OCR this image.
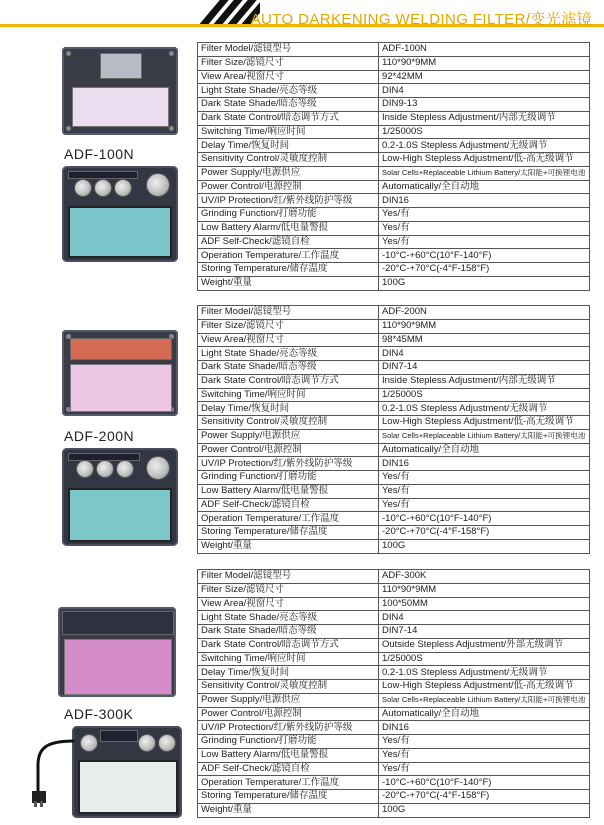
AUTO DARKENING WELDING FILTER/变光滤镜
ADF-100N
Filter Model/滤镜型号	ADF-100N
Filter Size/滤镜尺寸	110*90*9MM
View Area/视窗尺寸	92*42MM
Light State Shade/亮态等级	DIN4
Dark State Shade/暗态等级	DIN9-13
Dark State Control/暗态调节方式	Inside Stepless Adjustment/内部无级调节
Switching Time/响应时间	1/25000S
Delay Time/恢复时间	0.2-1.0S Stepless Adjustment/无级调节
Sensitivity Control/灵敏度控制	Low-High Stepless Adjustment/低-高无级调节
Power Supply/电源供应	Solar Cells+Replaceable Lithium Battery/太阳能+可换锂电池
Power Control/电源控制	Automatically/全自动地
UV/IP Protection/红/紫外线防护等级	DIN16
Grinding Function/打磨功能	Yes/有
Low Battery Alarm/低电量警报	Yes/有
ADF Self-Check/滤镜自检	Yes/有
Operation Temperature/工作温度	-10°C-+60°C(10°F-140°F)
Storing Temperature/储存温度	-20°C-+70°C(-4°F-158°F)
Weight/重量	100G
ADF-200N
Filter Model/滤镜型号	ADF-200N
Filter Size/滤镜尺寸	110*90*9MM
View Area/视窗尺寸	98*45MM
Light State Shade/亮态等级	DIN4
Dark State Shade/暗态等级	DIN7-14
Dark State Control/暗态调节方式	Inside Stepless Adjustment/内部无级调节
Switching Time/响应时间	1/25000S
Delay Time/恢复时间	0.2-1.0S Stepless Adjustment/无级调节
Sensitivity Control/灵敏度控制	Low-High Stepless Adjustment/低-高无级调节
Power Supply/电源供应	Solar Cells+Replaceable Lithium Battery/太阳能+可换锂电池
Power Control/电源控制	Automatically/全自动地
UV/IP Protection/红/紫外线防护等级	DIN16
Grinding Function/打磨功能	Yes/有
Low Battery Alarm/低电量警报	Yes/有
ADF Self-Check/滤镜自检	Yes/有
Operation Temperature/工作温度	-10°C-+60°C(10°F-140°F)
Storing Temperature/储存温度	-20°C-+70°C(-4°F-158°F)
Weight/重量	100G
ADF-300K
Filter Model/滤镜型号	ADF-300K
Filter Size/滤镜尺寸	110*90*9MM
View Area/视窗尺寸	100*50MM
Light State Shade/亮态等级	DIN4
Dark State Shade/暗态等级	DIN7-14
Dark State Control/暗态调节方式	Outside Stepless Adjustment/外部无级调节
Switching Time/响应时间	1/25000S
Delay Time/恢复时间	0.2-1.0S Stepless Adjustment/无级调节
Sensitivity Control/灵敏度控制	Low-High Stepless Adjustment/低-高无级调节
Power Supply/电源供应	Solar Cells+Replaceable Lithium Battery/太阳能+可换锂电池
Power Control/电源控制	Automatically/全自动地
UV/IP Protection/红/紫外线防护等级	DIN16
Grinding Function/打磨功能	Yes/有
Low Battery Alarm/低电量警报	Yes/有
ADF Self-Check/滤镜自检	Yes/有
Operation Temperature/工作温度	-10°C-+60°C(10°F-140°F)
Storing Temperature/储存温度	-20°C-+70°C(-4°F-158°F)
Weight/重量	100G
